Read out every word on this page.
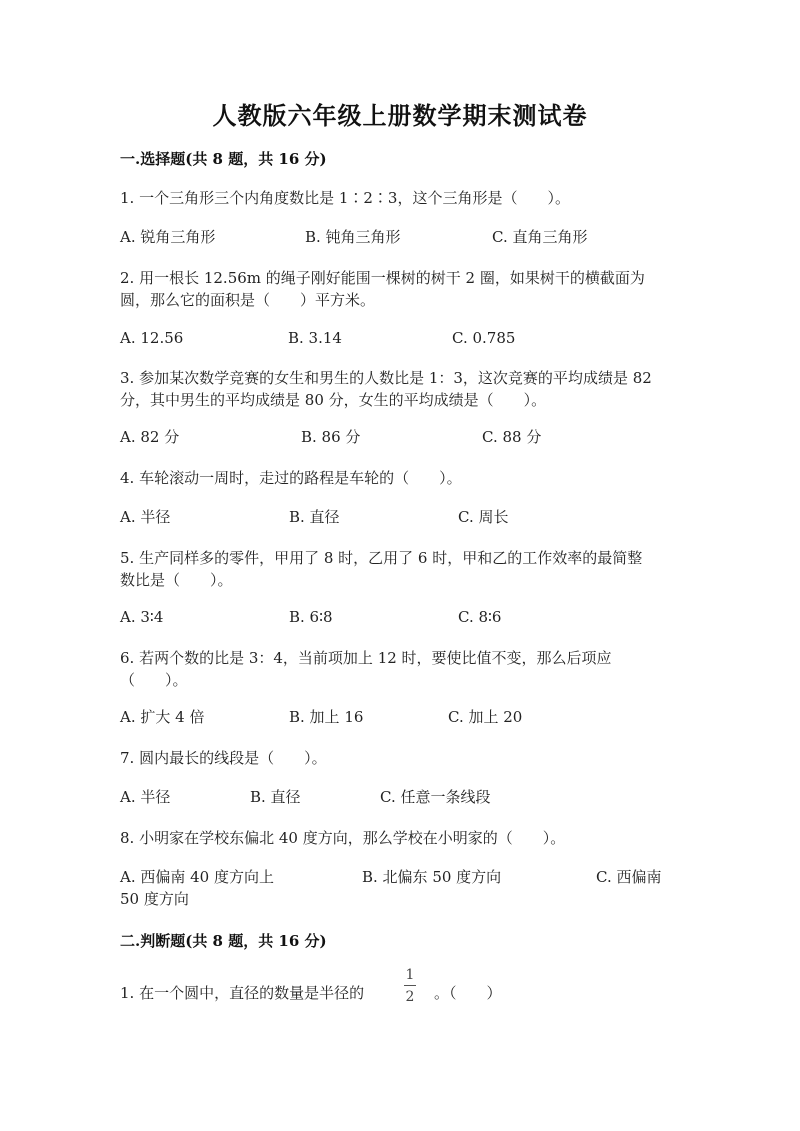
人教版六年级上册数学期末测试卷
一.选择题(共 8 题，共 16 分)
1. 一个三角形三个内角度数比是 1∶2∶3，这个三角形是（　　）。
A. 锐角三角形	B. 钝角三角形	C. 直角三角形
2. 用一根长 12.56m 的绳子刚好能围一棵树的树干 2 圈，如果树干的横截面为
圆，那么它的面积是（　　）平方米。
A. 12.56	B. 3.14	C. 0.785
3. 参加某次数学竞赛的女生和男生的人数比是 1：3，这次竞赛的平均成绩是 82
分，其中男生的平均成绩是 80 分，女生的平均成绩是（　　）。
A. 82 分	B. 86 分	C. 88 分
4. 车轮滚动一周时，走过的路程是车轮的（　　）。
A. 半径	B. 直径	C. 周长
5. 生产同样多的零件，甲用了 8 时，乙用了 6 时，甲和乙的工作效率的最简整
数比是（　　）。
A. 3∶4	B. 6∶8	C. 8∶6
6. 若两个数的比是 3：4，当前项加上 12 时，要使比值不变，那么后项应
（　　）。
A. 扩大 4 倍	B. 加上 16	C. 加上 20
7. 圆内最长的线段是（　　）。
A. 半径	B. 直径	C. 任意一条线段
8. 小明家在学校东偏北 40 度方向，那么学校在小明家的（　　）。
A. 西偏南 40 度方向上	B. 北偏东 50 度方向	C. 西偏南
50 度方向
二.判断题(共 8 题，共 16 分)
1. 在一个圆中，直径的数量是半径的
1
2 。（　　）
